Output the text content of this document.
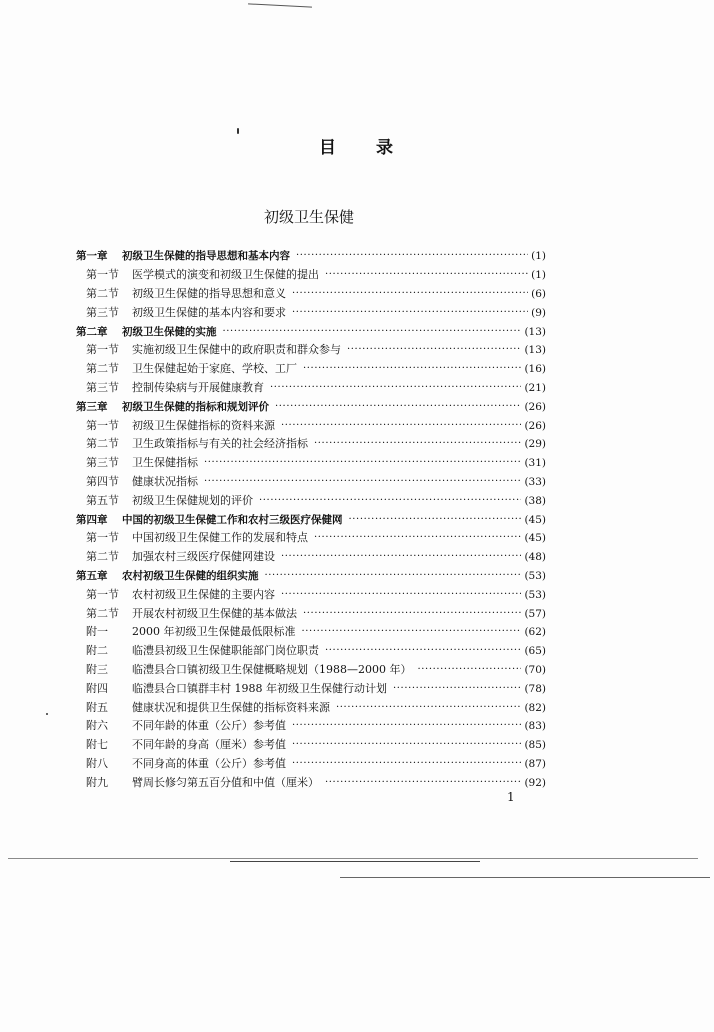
目 录
初级卫生保健
第一章	初级卫生保健的指导思想和基本内容 ·····	(1)
第一节	医学模式的演变和初级卫生保健的提出 ·····	(1)
第二节	初级卫生保健的指导思想和意义 ·····	(6)
第三节	初级卫生保健的基本内容和要求 ·····	(9)
第二章	初级卫生保健的实施 ·····	(13)
第一节	实施初级卫生保健中的政府职责和群众参与 ·····	(13)
第二节	卫生保健起始于家庭、学校、工厂 ·····	(16)
第三节	控制传染病与开展健康教育 ·····	(21)
第三章	初级卫生保健的指标和规划评价 ·····	(26)
第一节	初级卫生保健指标的资料来源 ·····	(26)
第二节	卫生政策指标与有关的社会经济指标 ·····	(29)
第三节	卫生保健指标 ·····	(31)
第四节	健康状况指标 ·····	(33)
第五节	初级卫生保健规划的评价 ·····	(38)
第四章	中国的初级卫生保健工作和农村三级医疗保健网 ·····	(45)
第一节	中国初级卫生保健工作的发展和特点 ·····	(45)
第二节	加强农村三级医疗保健网建设 ·····	(48)
第五章	农村初级卫生保健的组织实施 ·····	(53)
第一节	农村初级卫生保健的主要内容 ·····	(53)
第二节	开展农村初级卫生保健的基本做法 ·····	(57)
附一	2000 年初级卫生保健最低限标准 ·····	(62)
附二	临澧县初级卫生保健职能部门岗位职责 ·····	(65)
附三	临澧县合口镇初级卫生保健概略规划（1988—2000 年） ·····	(70)
附四	临澧县合口镇群丰村 1988 年初级卫生保健行动计划 ·····	(78)
附五	健康状况和提供卫生保健的指标资料来源 ·····	(82)
附六	不同年龄的体重（公斤）参考值 ·····	(83)
附七	不同年龄的身高（厘米）参考值 ·····	(85)
附八	不同身高的体重（公斤）参考值 ·····	(87)
附九	臂周长修匀第五百分值和中值（厘米） ·····	(92)
1
